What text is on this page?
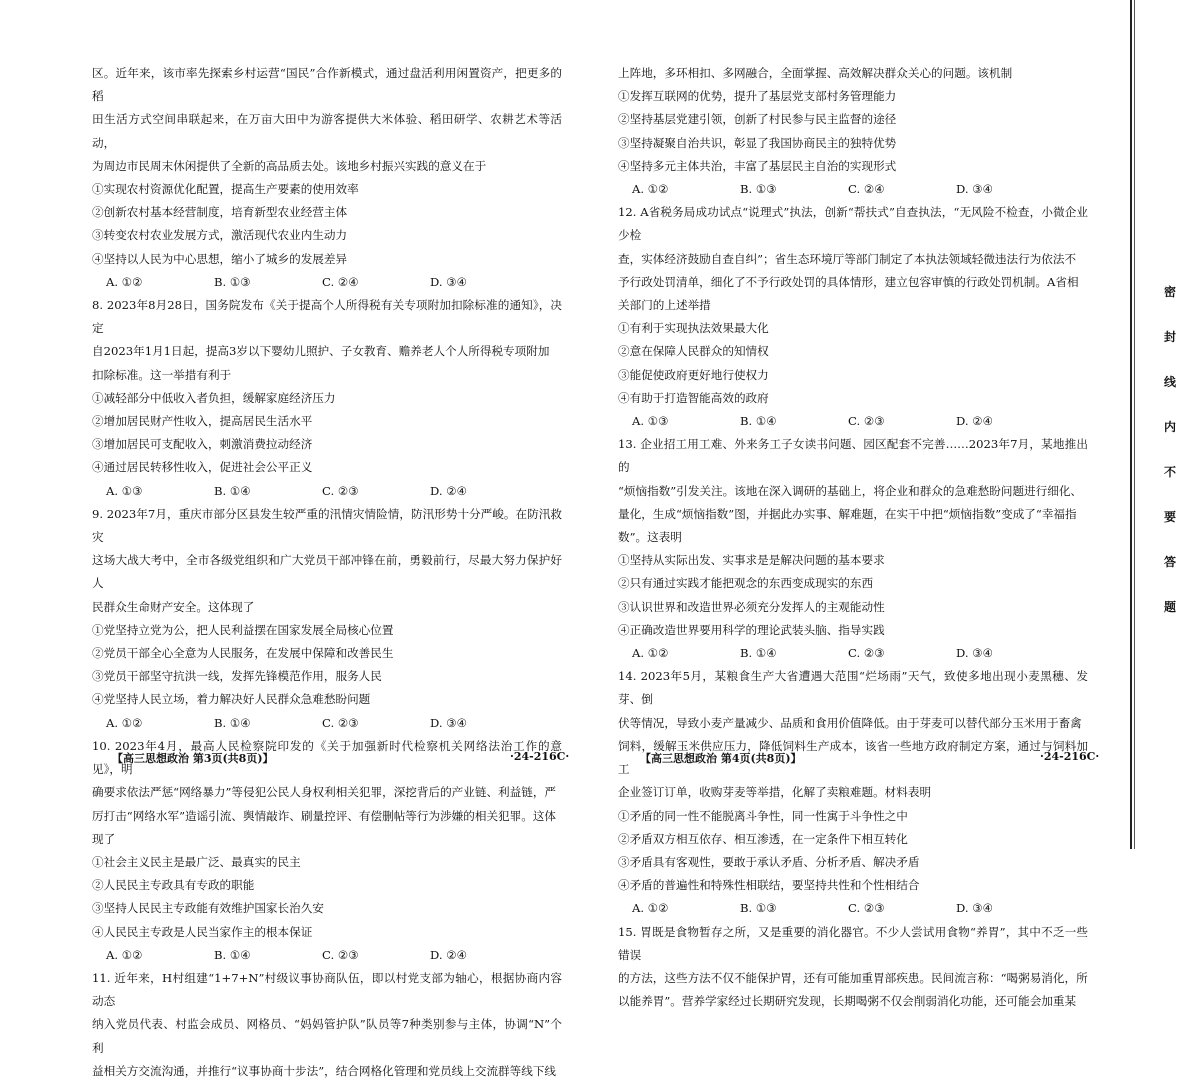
区。近年来，该市率先探索乡村运营“国民”合作新模式，通过盘活利用闲置资产，把更多的稻
田生活方式空间串联起来，在万亩大田中为游客提供大米体验、稻田研学、农耕艺术等活动，
为周边市民周末休闲提供了全新的高品质去处。该地乡村振兴实践的意义在于
①实现农村资源优化配置，提高生产要素的使用效率
②创新农村基本经营制度，培育新型农业经营主体
③转变农村农业发展方式，激活现代农业内生动力
④坚持以人民为中心思想，缩小了城乡的发展差异
A. ①②	B. ①③	C. ②④	D. ③④
8. 2023年8月28日，国务院发布《关于提高个人所得税有关专项附加扣除标准的通知》，决定
自2023年1月1日起，提高3岁以下婴幼儿照护、子女教育、赡养老人个人所得税专项附加
扣除标准。这一举措有利于
①减轻部分中低收入者负担，缓解家庭经济压力
②增加居民财产性收入，提高居民生活水平
③增加居民可支配收入，刺激消费拉动经济
④通过居民转移性收入，促进社会公平正义
A. ①③	B. ①④	C. ②③	D. ②④
9. 2023年7月，重庆市部分区县发生较严重的汛情灾情险情，防汛形势十分严峻。在防汛救灾
这场大战大考中，全市各级党组织和广大党员干部冲锋在前，勇毅前行，尽最大努力保护好人
民群众生命财产安全。这体现了
①党坚持立党为公，把人民利益摆在国家发展全局核心位置
②党员干部全心全意为人民服务，在发展中保障和改善民生
③党员干部坚守抗洪一线，发挥先锋模范作用，服务人民
④党坚持人民立场，着力解决好人民群众急难愁盼问题
A. ①②	B. ①④	C. ②③	D. ③④
10. 2023年4月，最高人民检察院印发的《关于加强新时代检察机关网络法治工作的意见》，明
确要求依法严惩“网络暴力”等侵犯公民人身权利相关犯罪，深挖背后的产业链、利益链，严
厉打击“网络水军”造谣引流、舆情敲诈、刷量控评、有偿删帖等行为涉嫌的相关犯罪。这体
现了
①社会主义民主是最广泛、最真实的民主
②人民民主专政具有专政的职能
③坚持人民民主专政能有效维护国家长治久安
④人民民主专政是人民当家作主的根本保证
A. ①②	B. ①④	C. ②③	D. ②④
11. 近年来，H村组建“1+7+N”村级议事协商队伍，即以村党支部为轴心，根据协商内容动态
纳入党员代表、村监会成员、网格员、“妈妈管护队”队员等7种类别参与主体，协调“N”个利
益相关方交流沟通，并推行“议事协商十步法”，结合网格化管理和党员线上交流群等线下线
【高三思想政治 第3页(共8页)】	·24-216C·
上阵地，多环相扣、多网融合，全面掌握、高效解决群众关心的问题。该机制
①发挥互联网的优势，提升了基层党支部村务管理能力
②坚持基层党建引领，创新了村民参与民主监督的途径
③坚持凝聚自治共识，彰显了我国协商民主的独特优势
④坚持多元主体共治，丰富了基层民主自治的实现形式
A. ①②	B. ①③	C. ②④	D. ③④
12. A省税务局成功试点“说理式”执法，创新“帮扶式”自查执法，“无风险不检查，小微企业少检
查，实体经济鼓励自查自纠”；省生态环境厅等部门制定了本执法领域轻微违法行为依法不
予行政处罚清单，细化了不予行政处罚的具体情形，建立包容审慎的行政处罚机制。A省相
关部门的上述举措
①有利于实现执法效果最大化
②意在保障人民群众的知情权
③能促使政府更好地行使权力
④有助于打造智能高效的政府
A. ①③	B. ①④	C. ②③	D. ②④
13. 企业招工用工难、外来务工子女读书问题、园区配套不完善……2023年7月，某地推出的
“烦恼指数”引发关注。该地在深入调研的基础上，将企业和群众的急难愁盼问题进行细化、
量化，生成“烦恼指数”图，并据此办实事、解难题，在实干中把“烦恼指数”变成了“幸福指
数”。这表明
①坚持从实际出发、实事求是是解决问题的基本要求
②只有通过实践才能把观念的东西变成现实的东西
③认识世界和改造世界必须充分发挥人的主观能动性
④正确改造世界要用科学的理论武装头脑、指导实践
A. ①②	B. ①④	C. ②③	D. ③④
14. 2023年5月，某粮食生产大省遭遇大范围“烂场雨”天气，致使多地出现小麦黑穗、发芽、倒
伏等情况，导致小麦产量减少、品质和食用价值降低。由于芽麦可以替代部分玉米用于畜禽
饲料，缓解玉米供应压力，降低饲料生产成本，该省一些地方政府制定方案，通过与饲料加工
企业签订订单，收购芽麦等举措，化解了卖粮难题。材料表明
①矛盾的同一性不能脱离斗争性，同一性寓于斗争性之中
②矛盾双方相互依存、相互渗透，在一定条件下相互转化
③矛盾具有客观性，要敢于承认矛盾、分析矛盾、解决矛盾
④矛盾的普遍性和特殊性相联结，要坚持共性和个性相结合
A. ①②	B. ①③	C. ②③	D. ③④
15. 胃既是食物暂存之所，又是重要的消化器官。不少人尝试用食物“养胃”，其中不乏一些错误
的方法，这些方法不仅不能保护胃，还有可能加重胃部疾患。民间流言称：“喝粥易消化，所
以能养胃”。营养学家经过长期研究发现，长期喝粥不仅会削弱消化功能，还可能会加重某
【高三思想政治 第4页(共8页)】	·24-216C·
密
封
线
内
不
要
答
题
